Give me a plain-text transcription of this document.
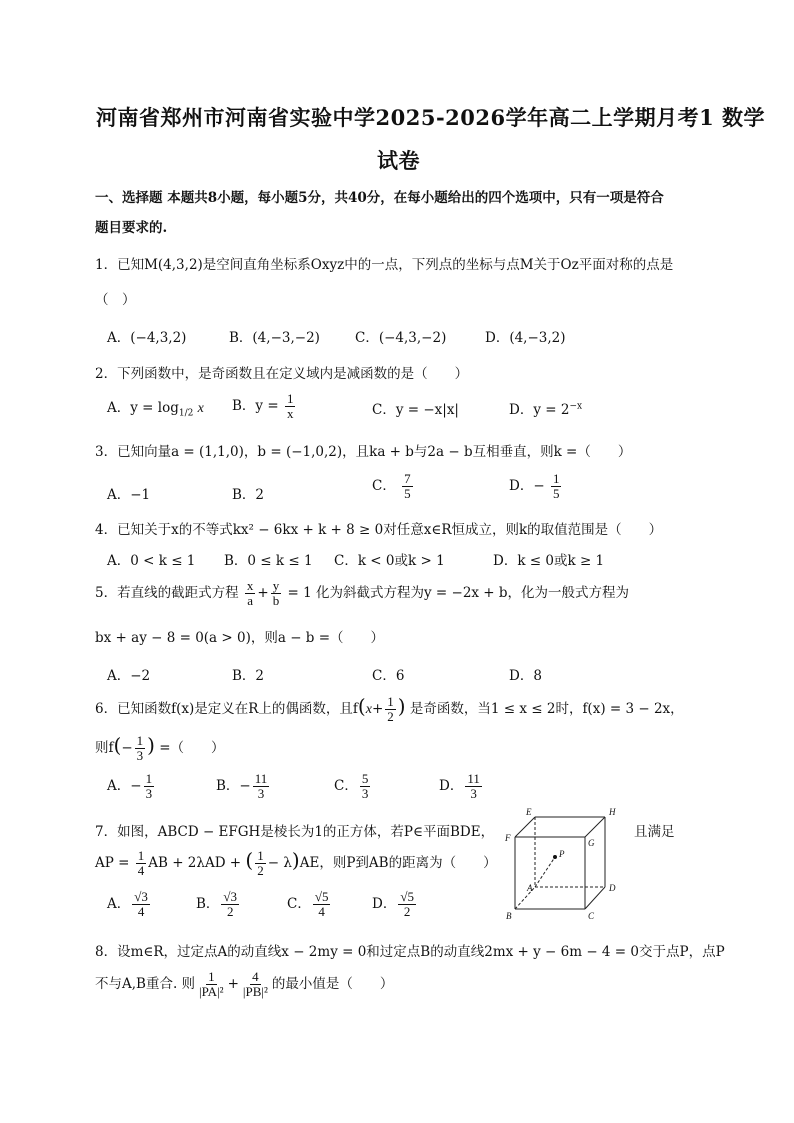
河南省郑州市河南省实验中学2025-2026学年高二上学期月考1 数学
试卷
一、选择题 本题共8小题，每小题5分，共40分，在每小题给出的四个选项中，只有一项是符合
题目要求的.
1．已知M(4,3,2)是空间直角坐标系Oxyz中的一点，下列点的坐标与点M关于Oz平面对称的点是
（　）
A．(−4,3,2)	B．(4,−3,−2)	C．(−4,3,−2)	D．(4,−3,2)
2．下列函数中，是奇函数且在定义域内是减函数的是（　　）
A．$y = \log_{1/2} x$ B．$y = \frac{1}{x}$	C．y = −x|x|	D．$y = 2^{-x}$
3．已知向量a = (1,1,0)，b = (−1,0,2)，且ka + b与2a − b互相垂直，则k =（　　）
A．−1	B．2
C． $\frac{7}{5}$	D．− $\frac{1}{5}$
4．已知关于x的不等式kx² − 6kx + k + 8 ≥ 0对任意x∈R恒成立，则k的取值范围是（　　）
A．0 < k ≤ 1 B．0 ≤ k ≤ 1 C．k < 0或k > 1	D．k ≤ 0或k ≥ 1
5．若直线的截距式方程 $\frac{x}{a} + \frac{y}{b} = 1$ 化为斜截式方程为y = −2x + b，化为一般式方程为
bx + ay − 8 = 0(a > 0)，则a − b =（　　）
A．−2	B．2	C．6	D．8
6．已知函数f(x)是定义在R上的偶函数，且$f(x+ \frac{1}{2}$ ) 是奇函数，当1 ≤ x ≤ 2时，f(x) = 3 − 2x，
则$f(- \frac{1}{3}$ ) =（　　）
A．− $\frac{1}{3}$	B．− $\frac{11}{3}$	C． $\frac{5}{3}$	D． $\frac{11}{3}$
7．如图，ABCD − EFGH是棱长为1的正方体，若P∈平面BDE，	且满足
AP = $\frac{1}{4}$ AB + 2λAD + ( $\frac{1}{2} - \lambda)AE$，则P到AB的距离为（　　）
A． $\frac{√3}{4}$	B． $\frac{√3}{2}$	C． $\frac{√5}{4}$	D． $\frac{√5}{2}$
E	H
F	G
A	D
B	C
P
8．设m∈R，过定点A的动直线x − 2my = 0和过定点B的动直线2mx + y − 6m − 4 = 0交于点P，点P
不与A,B重合. 则 $\frac{1}{\text{|PA|²}} + \frac{4}{\text{|PB|²}}$ 的最小值是（　　）
